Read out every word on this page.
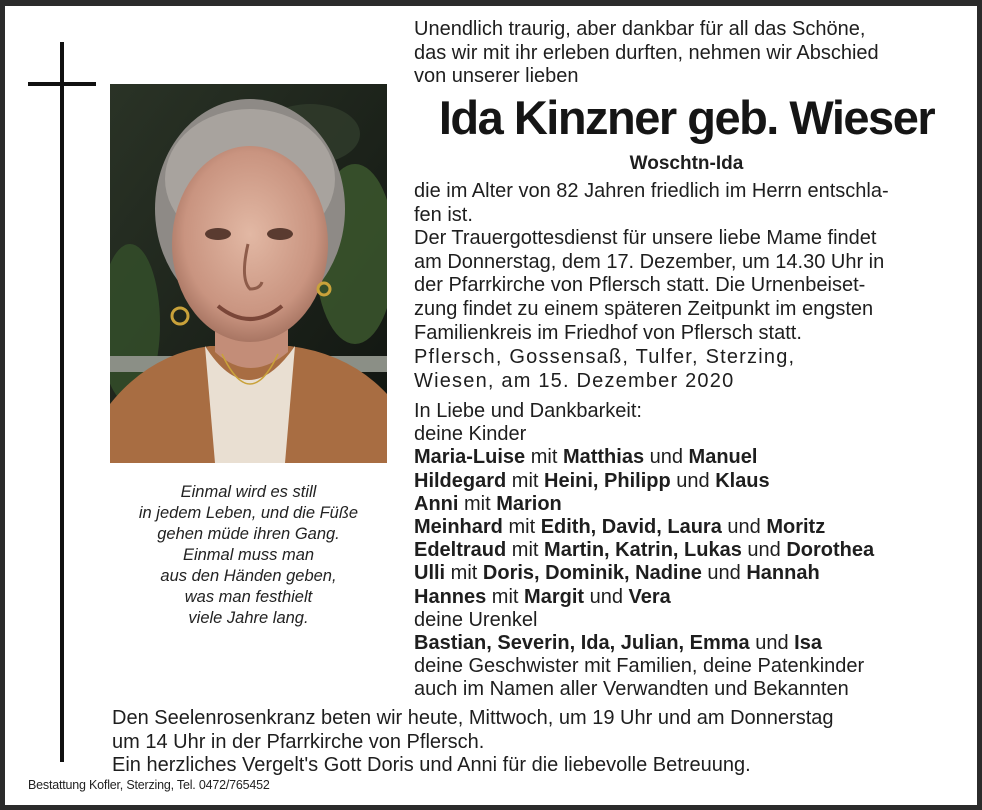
Einmal wird es still
in jedem Leben, und die Füße
gehen müde ihren Gang.
Einmal muss man
aus den Händen geben,
was man festhielt
viele Jahre lang.
Unendlich traurig, aber dankbar für all das Schöne,
das wir mit ihr erleben durften, nehmen wir Abschied
von unserer lieben
Ida Kinzner geb. Wieser
Woschtn-Ida
die im Alter von 82 Jahren friedlich im Herrn entschla-
fen ist.
Der Trauergottesdienst für unsere liebe Mame findet
am Donnerstag, dem 17. Dezember, um 14.30 Uhr in
der Pfarrkirche von Pflersch statt. Die Urnenbeiset-
zung findet zu einem späteren Zeitpunkt im engsten
Familienkreis im Friedhof von Pflersch statt.
Pflersch, Gossensaß, Tulfer, Sterzing,
Wiesen, am 15. Dezember 2020
In Liebe und Dankbarkeit:
deine Kinder
Maria-Luise mit Matthias und Manuel
Hildegard mit Heini, Philipp und Klaus
Anni mit Marion
Meinhard mit Edith, David, Laura und Moritz
Edeltraud mit Martin, Katrin, Lukas und Dorothea
Ulli mit Doris, Dominik, Nadine und Hannah
Hannes mit Margit und Vera
deine Urenkel
Bastian, Severin, Ida, Julian, Emma und Isa
deine Geschwister mit Familien, deine Patenkinder
auch im Namen aller Verwandten und Bekannten
Den Seelenrosenkranz beten wir heute, Mittwoch, um 19 Uhr und am Donnerstag
um 14 Uhr in der Pfarrkirche von Pflersch.
Ein herzliches Vergelt's Gott Doris und Anni für die liebevolle Betreuung.
Bestattung Kofler, Sterzing, Tel. 0472/765452
